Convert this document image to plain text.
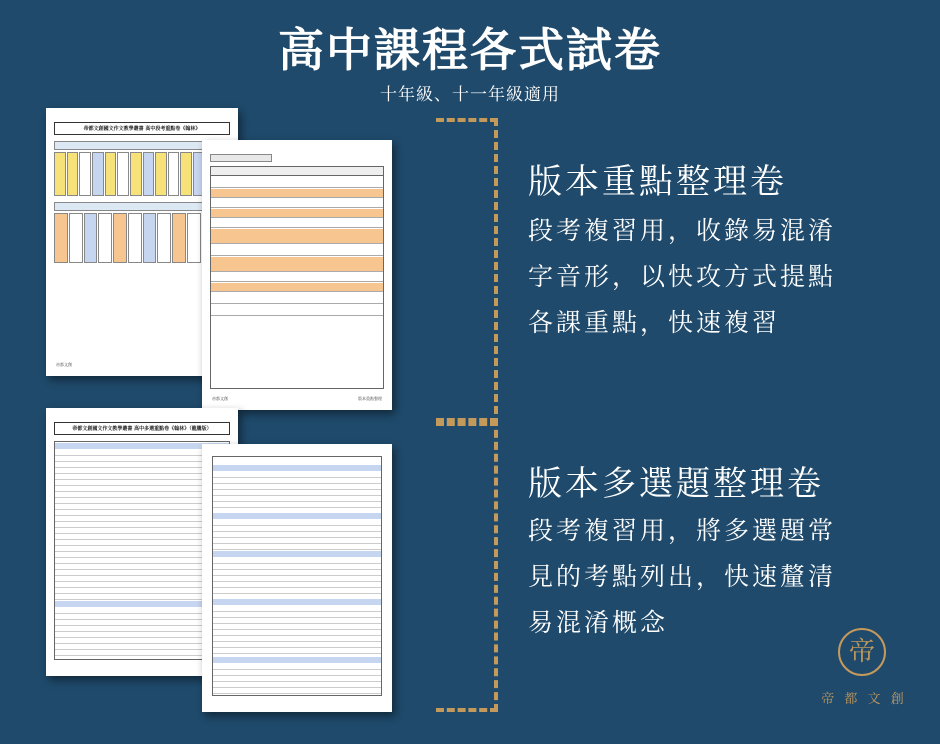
高中課程各式試卷
十年級、十一年級適用
帝都文創國文作文教學叢書 高中段考重點卷《翰林》
帝都文創
帝都文創	版本重點整理
帝都文創國文作文教學叢書 高中多選重點卷《翰林》（龍騰版）
版本重點整理卷
段考複習用，收錄易混淆
字音形，以快攻方式提點
各課重點，快速複習
版本多選題整理卷
段考複習用，將多選題常
見的考點列出，快速釐清
易混淆概念
帝
帝 都 文 創
